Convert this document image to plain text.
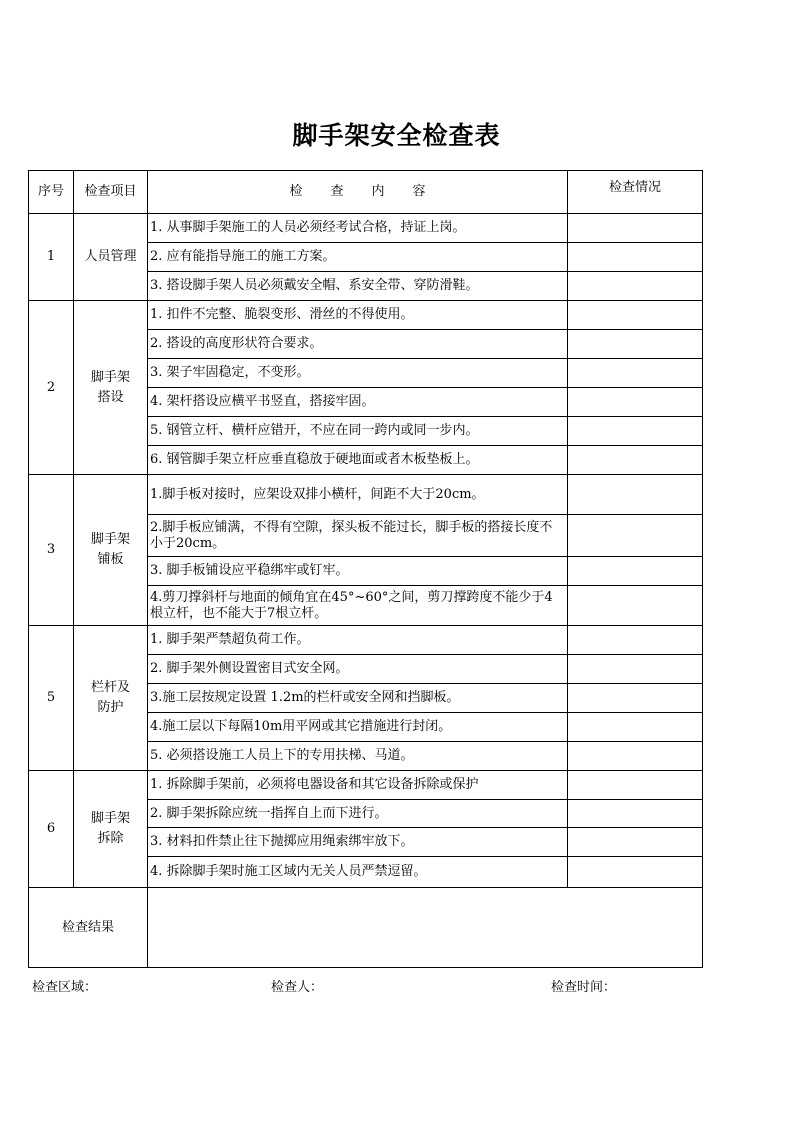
脚手架安全检查表
序号	检查项目	检查内容	检查情况
1	人员管理	1. 从事脚手架施工的人员必须经考试合格，持证上岗。	
		2. 应有能指导施工的施工方案。	
		3. 搭设脚手架人员必须戴安全帽、系安全带、穿防滑鞋。	
2	脚手架搭设	1. 扣件不完整、脆裂变形、滑丝的不得使用。	
		2. 搭设的高度形状符合要求。	
		3. 架子牢固稳定，不变形。	
		4. 架杆搭设应横平书竖直，搭接牢固。	
		5. 钢管立杆、横杆应错开，不应在同一跨内或同一步内。	
		6. 钢管脚手架立杆应垂直稳放于硬地面或者木板垫板上。	
3	脚手架铺板	1.脚手板对接时，应架设双排小横杆，间距不大于20cm。	
		2.脚手板应铺满，不得有空隙，探头板不能过长，脚手板的搭接长度不小于20cm。	
		3. 脚手板铺设应平稳绑牢或钉牢。	
		4.剪刀撑斜杆与地面的倾角宜在45°~60°之间，剪刀撑跨度不能少于4根立杆，也不能大于7根立杆。	
5	栏杆及防护	1. 脚手架严禁超负荷工作。	
		2. 脚手架外侧设置密目式安全网。	
		3.施工层按规定设置 1.2m的栏杆或安全网和挡脚板。	
		4.施工层以下每隔10m用平网或其它措施进行封闭。	
		5. 必须搭设施工人员上下的专用扶梯、马道。	
6	脚手架拆除	1. 拆除脚手架前，必须将电器设备和其它设备拆除或保护	
		2. 脚手架拆除应统一指挥自上而下进行。	
		3. 材料扣件禁止往下抛掷应用绳索绑牢放下。	
		4. 拆除脚手架时施工区域内无关人员严禁逗留。	
检查结果			
检查区域：	检查人：	检查时间：
